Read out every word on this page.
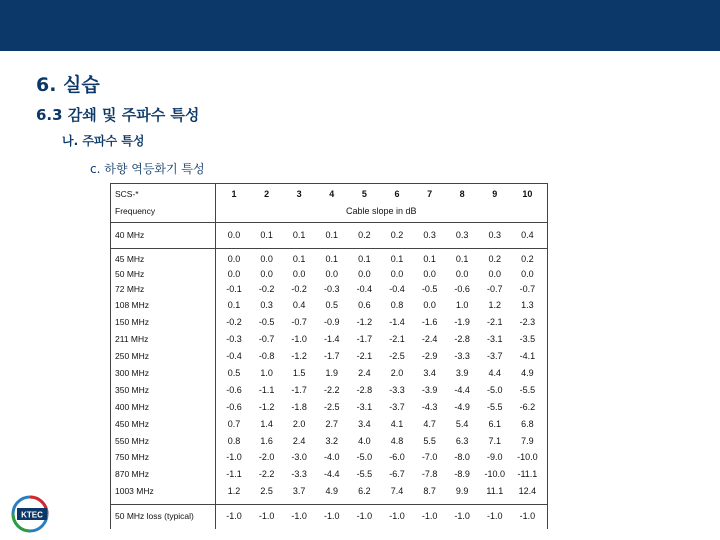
6. 실습
6.3 감쇄 및 주파수 특성
나. 주파수 특성
c. 하향 역등화기 특성
SCS-*
Frequency	Cable slope in dB
1	2	3	4	5	6	7	8	9	10
40 MHz	0.0	0.1	0.1	0.1	0.2	0.2	0.3	0.3	0.3	0.4
45 MHz	0.0	0.0	0.1	0.1	0.1	0.1	0.1	0.1	0.2	0.2
50 MHz	0.0	0.0	0.0	0.0	0.0	0.0	0.0	0.0	0.0	0.0
72 MHz	-0.1	-0.2	-0.2	-0.3	-0.4	-0.4	-0.5	-0.6	-0.7	-0.7
108 MHz	0.1	0.3	0.4	0.5	0.6	0.8	0.0	1.0	1.2	1.3
150 MHz	-0.2	-0.5	-0.7	-0.9	-1.2	-1.4	-1.6	-1.9	-2.1	-2.3
211 MHz	-0.3	-0.7	-1.0	-1.4	-1.7	-2.1	-2.4	-2.8	-3.1	-3.5
250 MHz	-0.4	-0.8	-1.2	-1.7	-2.1	-2.5	-2.9	-3.3	-3.7	-4.1
300 MHz	0.5	1.0	1.5	1.9	2.4	2.0	3.4	3.9	4.4	4.9
350 MHz	-0.6	-1.1	-1.7	-2.2	-2.8	-3.3	-3.9	-4.4	-5.0	-5.5
400 MHz	-0.6	-1.2	-1.8	-2.5	-3.1	-3.7	-4.3	-4.9	-5.5	-6.2
450 MHz	0.7	1.4	2.0	2.7	3.4	4.1	4.7	5.4	6.1	6.8
550 MHz	0.8	1.6	2.4	3.2	4.0	4.8	5.5	6.3	7.1	7.9
750 MHz	-1.0	-2.0	-3.0	-4.0	-5.0	-6.0	-7.0	-8.0	-9.0	-10.0
870 MHz	-1.1	-2.2	-3.3	-4.4	-5.5	-6.7	-7.8	-8.9	-10.0	-11.1
1003 MHz	1.2	2.5	3.7	4.9	6.2	7.4	8.7	9.9	11.1	12.4
50 MHz loss (typical)	-1.0	-1.0	-1.0	-1.0	-1.0	-1.0	-1.0	-1.0	-1.0	-1.0
KTEC
